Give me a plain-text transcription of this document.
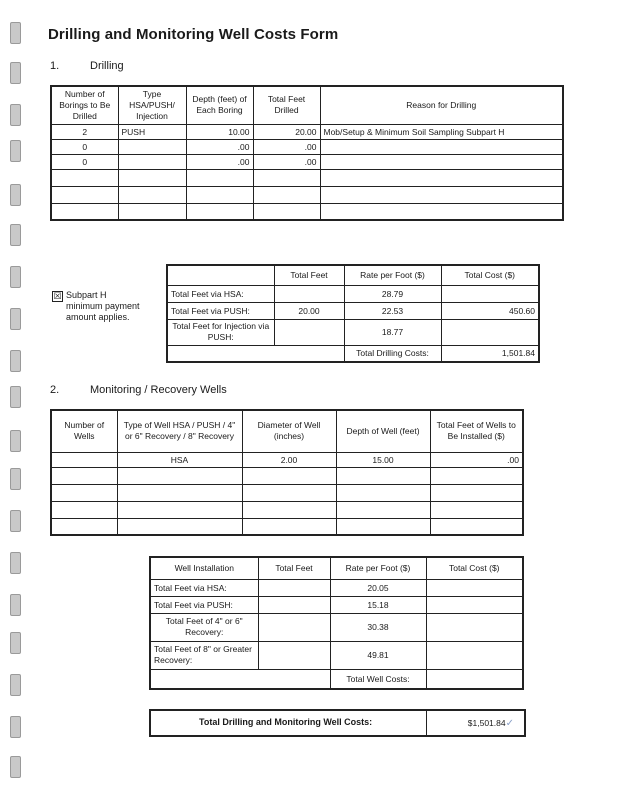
Drilling and Monitoring Well Costs Form
1.	Drilling
Number of Borings to Be Drilled	Type HSA/PUSH/ Injection	Depth (feet) of Each Boring	Total Feet Drilled	Reason for Drilling
2	PUSH	10.00	20.00	Mob/Setup & Minimum Soil Sampling Subpart H
0		.00	.00	
0		.00	.00	

☒ Subpart H
minimum payment
amount applies.
	Total Feet	Rate per Foot ($)	Total Cost ($)
Total Feet via HSA:		28.79	
Total Feet via PUSH:	20.00	22.53	450.60
Total Feet for Injection via PUSH:		18.77	
		Total Drilling Costs:	1,501.84
2.	Monitoring / Recovery Wells
Number of Wells	Type of Well HSA / PUSH / 4" or 6" Recovery / 8" Recovery	Diameter of Well (inches)	Depth of Well (feet)	Total Feet of Wells to Be Installed ($)
	HSA	2.00	15.00	.00

Well Installation	Total Feet	Rate per Foot ($)	Total Cost ($)
Total Feet via HSA:		20.05	
Total Feet via PUSH:		15.18	
Total Feet of 4" or 6" Recovery:		30.38	
Total Feet of 8" or Greater Recovery:		49.81	
		Total Well Costs:	
Total Drilling and Monitoring Well Costs:	$1,501.84✓
